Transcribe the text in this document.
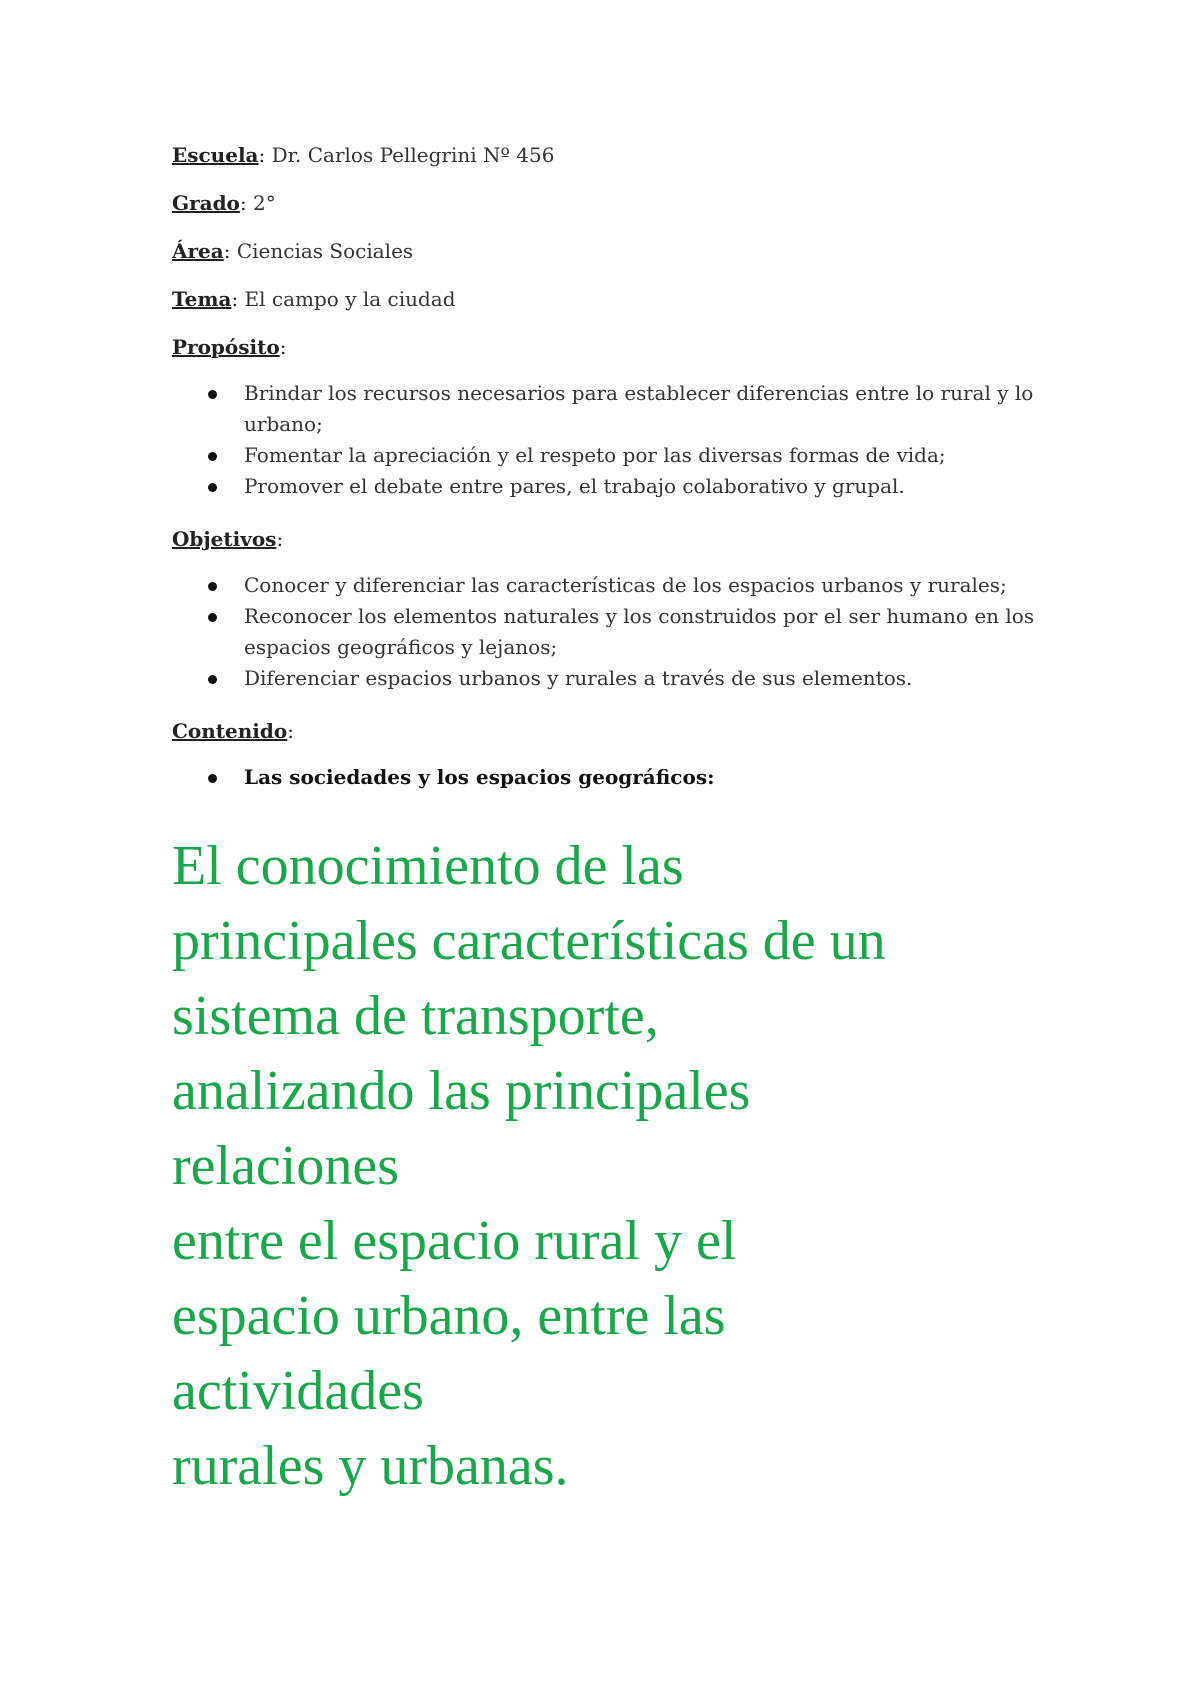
Escuela: Dr. Carlos Pellegrini Nº 456
Grado: 2°
Área: Ciencias Sociales
Tema: El campo y la ciudad
Propósito:
Brindar los recursos necesarios para establecer diferencias entre lo rural y lo urbano;
Fomentar la apreciación y el respeto por las diversas formas de vida;
Promover el debate entre pares, el trabajo colaborativo y grupal.
Objetivos:
Conocer y diferenciar las características de los espacios urbanos y rurales;
Reconocer los elementos naturales y los construidos por el ser humano en los espacios geográficos y lejanos;
Diferenciar espacios urbanos y rurales a través de sus elementos.
Contenido:
Las sociedades y los espacios geográficos:
El conocimiento de las
principales características de un
sistema de transporte,
analizando las principales
relaciones
entre el espacio rural y el
espacio urbano, entre las
actividades
rurales y urbanas.
